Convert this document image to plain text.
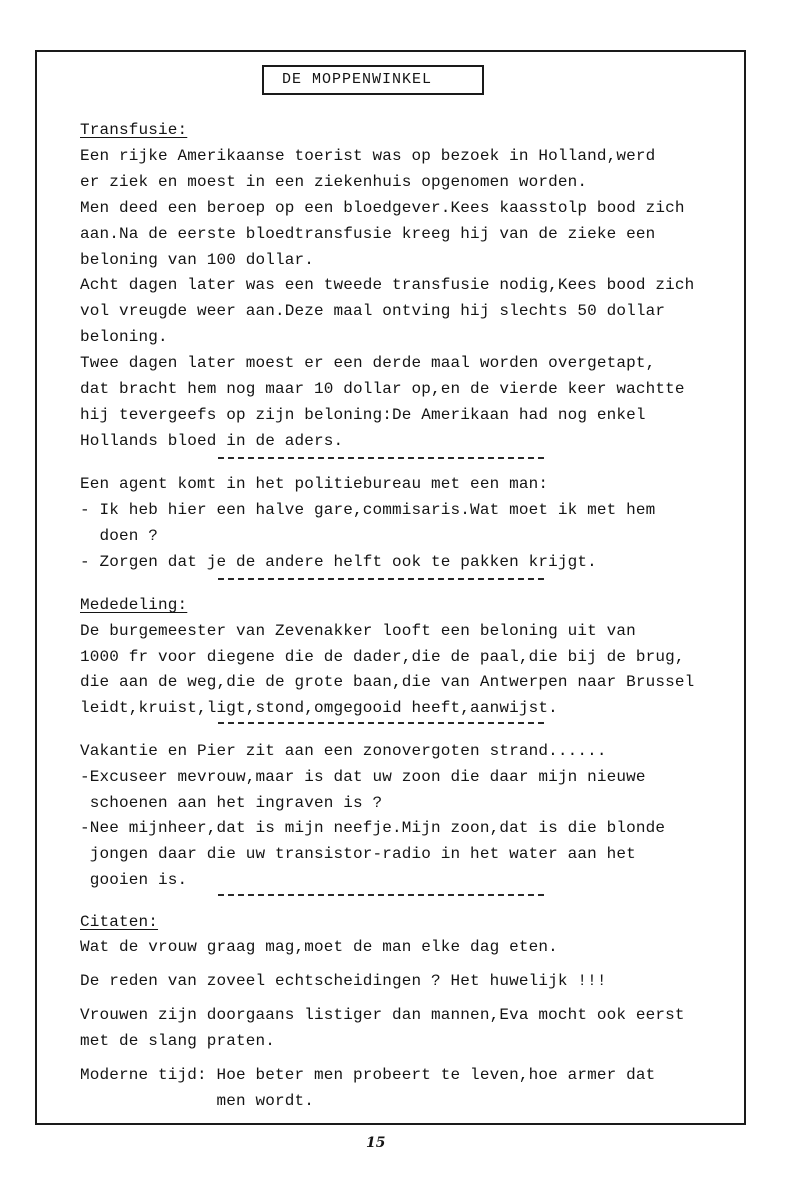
DE MOPPENWINKEL
Transfusie:
Een rijke Amerikaanse toerist was op bezoek in Holland,werd
er ziek en moest in een ziekenhuis opgenomen worden.
Men deed een beroep op een bloedgever.Kees kaasstolp bood zich
aan.Na de eerste bloedtransfusie kreeg hij van de zieke een
beloning van 100 dollar.
Acht dagen later was een tweede transfusie nodig,Kees bood zich
vol vreugde weer aan.Deze maal ontving hij slechts 50 dollar
beloning.
Twee dagen later moest er een derde maal worden overgetapt,
dat bracht hem nog maar 10 dollar op,en de vierde keer wachtte
hij tevergeefs op zijn beloning:De Amerikaan had nog enkel
Hollands bloed in de aders.
Een agent komt in het politiebureau met een man:
- Ik heb hier een halve gare,commisaris.Wat moet ik met hem
doen ?
- Zorgen dat je de andere helft ook te pakken krijgt.
Mededeling:
De burgemeester van Zevenakker looft een beloning uit van
1000 fr voor diegene die de dader,die de paal,die bij de brug,
die aan de weg,die de grote baan,die van Antwerpen naar Brussel
leidt,kruist,ligt,stond,omgegooid heeft,aanwijst.
Vakantie en Pier zit aan een zonovergoten strand......
-Excuseer mevrouw,maar is dat uw zoon die daar mijn nieuwe
schoenen aan het ingraven is ?
-Nee mijnheer,dat is mijn neefje.Mijn zoon,dat is die blonde
jongen daar die uw transistor-radio in het water aan het
gooien is.
Citaten:
Wat de vrouw graag mag,moet de man elke dag eten.
De reden van zoveel echtscheidingen ? Het huwelijk !!!
Vrouwen zijn doorgaans listiger dan mannen,Eva mocht ook eerst
met de slang praten.
Moderne tijd: Hoe beter men probeert te leven,hoe armer dat
men wordt.
15
